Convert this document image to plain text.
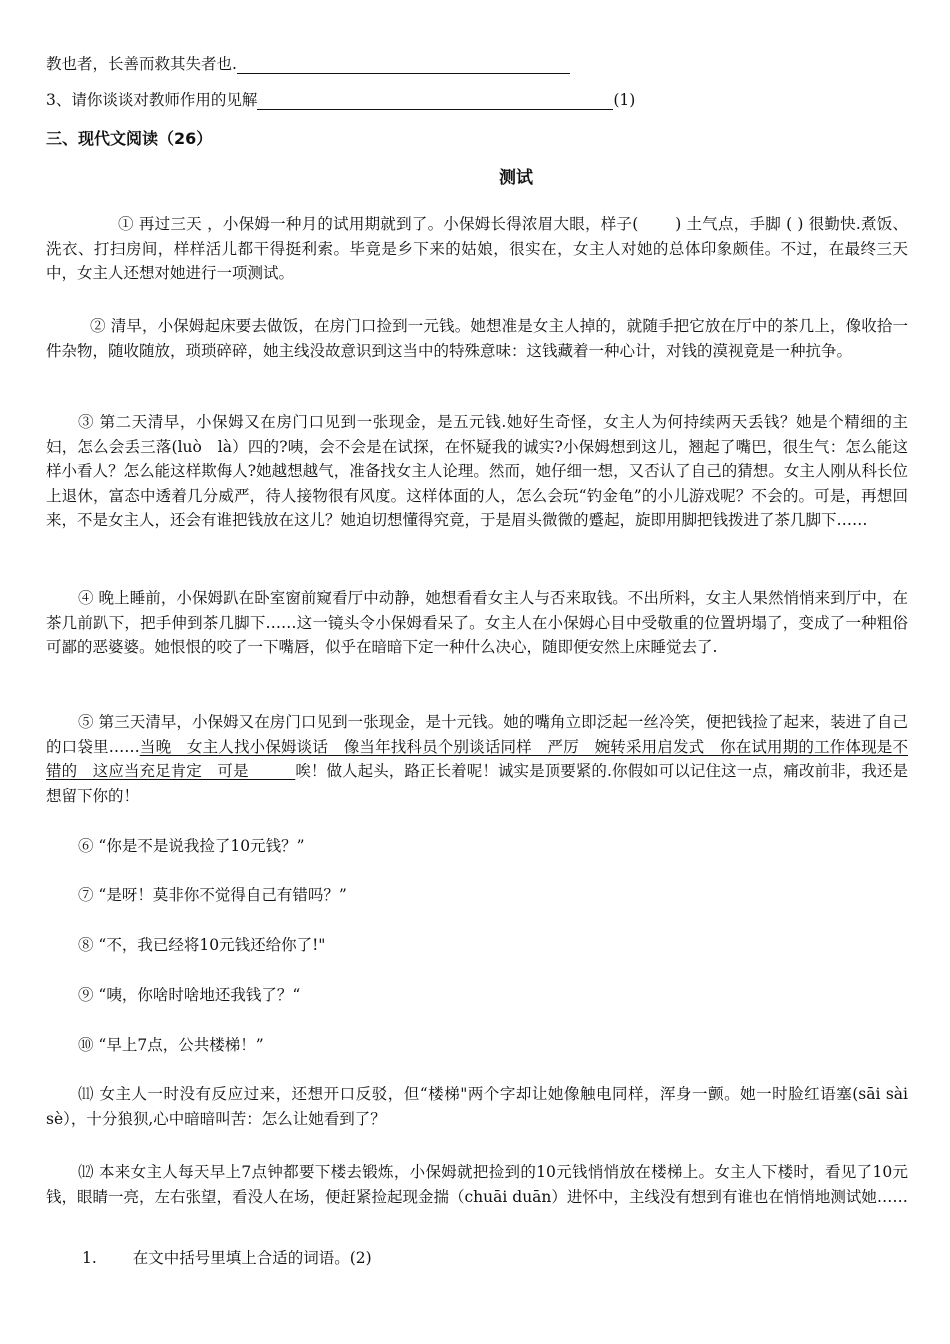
教也者，长善而救其失者也.
3、请你谈谈对教师作用的见解	(1)
三、现代文阅读（26）
测试
① 再过三天 ，小保姆一种月的试用期就到了。小保姆长得浓眉大眼，样子(　　 ) 土气点，手脚 ( ) 很勤快.煮饭、洗衣、打扫房间，样样活儿都干得挺利索。毕竟是乡下来的姑娘，很实在，女主人对她的总体印象颇佳。不过，在最终三天中，女主人还想对她进行一项测试。
② 清早，小保姆起床要去做饭，在房门口捡到一元钱。她想准是女主人掉的，就随手把它放在厅中的茶几上，像收拾一件杂物，随收随放，琐琐碎碎，她主线没故意识到这当中的特殊意味：这钱藏着一种心计，对钱的漠视竟是一种抗争。
③ 第二天清早，小保姆又在房门口见到一张现金，是五元钱.她好生奇怪，女主人为何持续两天丢钱？她是个精细的主妇，怎么会丢三落(luò　là）四的?咦，会不会是在试探，在怀疑我的诚实?小保姆想到这儿，翘起了嘴巴，很生气：怎么能这样小看人？怎么能这样欺侮人?她越想越气，准备找女主人论理。然而，她仔细一想，又否认了自己的猜想。女主人刚从科长位上退休，富态中透着几分威严，待人接物很有风度。这样体面的人，怎么会玩“钓金龟”的小儿游戏呢？不会的。可是，再想回来，不是女主人，还会有谁把钱放在这儿？她迫切想懂得究竟，于是眉头微微的蹙起，旋即用脚把钱拨进了茶几脚下……
④ 晚上睡前，小保姆趴在卧室窗前窥看厅中动静，她想看看女主人与否来取钱。不出所料，女主人果然悄悄来到厅中，在茶几前趴下，把手伸到茶几脚下……这一镜头令小保姆看呆了。女主人在小保姆心目中受敬重的位置坍塌了，变成了一种粗俗可鄙的恶婆婆。她恨恨的咬了一下嘴唇，似乎在暗暗下定一种什么决心，随即便安然上床睡觉去了.
⑤ 第三天清早，小保姆又在房门口见到一张现金，是十元钱。她的嘴角立即泛起一丝冷笑，便把钱捡了起来，装进了自己的口袋里……当晚　女主人找小保姆谈话　像当年找科员个别谈话同样　严厉　婉转采用启发式　你在试用期的工作体现是不错的　这应当充足肯定　可是　　　唉！做人起头，路正长着呢！诚实是顶要紧的.你假如可以记住这一点，痛改前非，我还是想留下你的！
⑥ “你是不是说我捡了10元钱？”
⑦ “是呀！莫非你不觉得自己有错吗？”
⑧ “不，我已经将10元钱还给你了!"
⑨ “咦，你啥时啥地还我钱了？“
⑩ “早上7点，公共楼梯！”
⑾ 女主人一时没有反应过来，还想开口反驳，但“楼梯"两个字却让她像触电同样，浑身一颤。她一时脸红语塞(sāi sài sè），十分狼狈,心中暗暗叫苦：怎么让她看到了？
⑿ 本来女主人每天早上7点钟都要下楼去锻炼，小保姆就把捡到的10元钱悄悄放在楼梯上。女主人下楼时，看见了10元钱，眼睛一亮，左右张望，看没人在场，便赶紧捡起现金揣（chuāi duān）进怀中，主线没有想到有谁也在悄悄地测试她……
1.　　 在文中括号里填上合适的词语。(2)
